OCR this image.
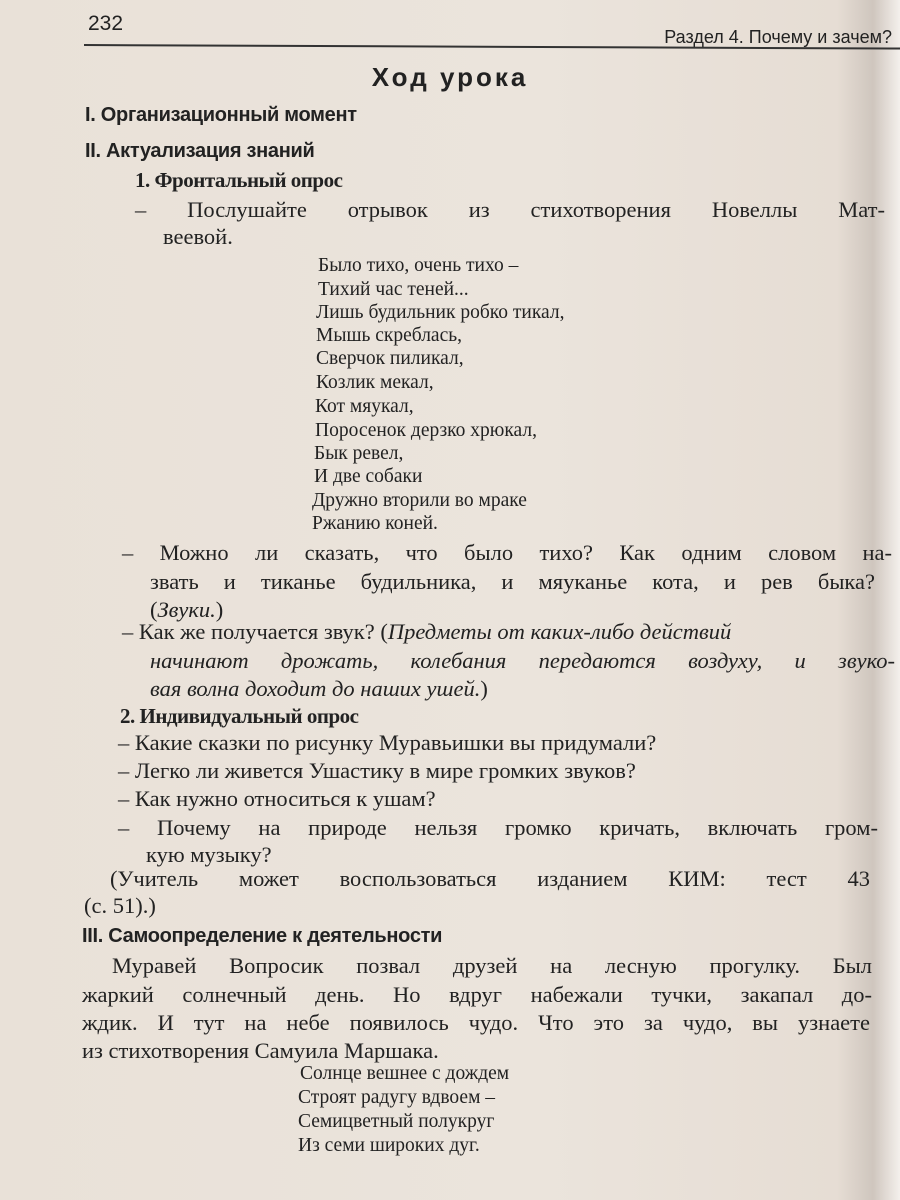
232
Раздел 4. Почему и зачем?
Ход урока
I. Организационный момент
II. Актуализация знаний
1. Фронтальный опрос
– Послушайте отрывок из стихотворения Новеллы Мат-
веевой.
Было тихо, очень тихо –
Тихий час теней...
Лишь будильник робко тикал,
Мышь скреблась,
Сверчок пиликал,
Козлик мекал,
Кот мяукал,
Поросенок дерзко хрюкал,
Бык ревел,
И две собаки
Дружно вторили во мраке
Ржанию коней.
– Можно ли сказать, что было тихо? Как одним словом на-
звать и тиканье будильника, и мяуканье кота, и рев быка?
(Звуки.)
– Как же получается звук? (Предметы от каких-либо действий
начинают дрожать, колебания передаются воздуху, и звуко-
вая волна доходит до наших ушей.)
2. Индивидуальный опрос
– Какие сказки по рисунку Муравьишки вы придумали?
– Легко ли живется Ушастику в мире громких звуков?
– Как нужно относиться к ушам?
– Почему на природе нельзя громко кричать, включать гром-
кую музыку?
(Учитель может воспользоваться изданием КИМ: тест 43
(с. 51).)
III. Самоопределение к деятельности
Муравей Вопросик позвал друзей на лесную прогулку. Был
жаркий солнечный день. Но вдруг набежали тучки, закапал до-
ждик. И тут на небе появилось чудо. Что это за чудо, вы узнаете
из стихотворения Самуила Маршака.
Солнце вешнее с дождем
Строят радугу вдвоем –
Семицветный полукруг
Из семи широких дуг.
